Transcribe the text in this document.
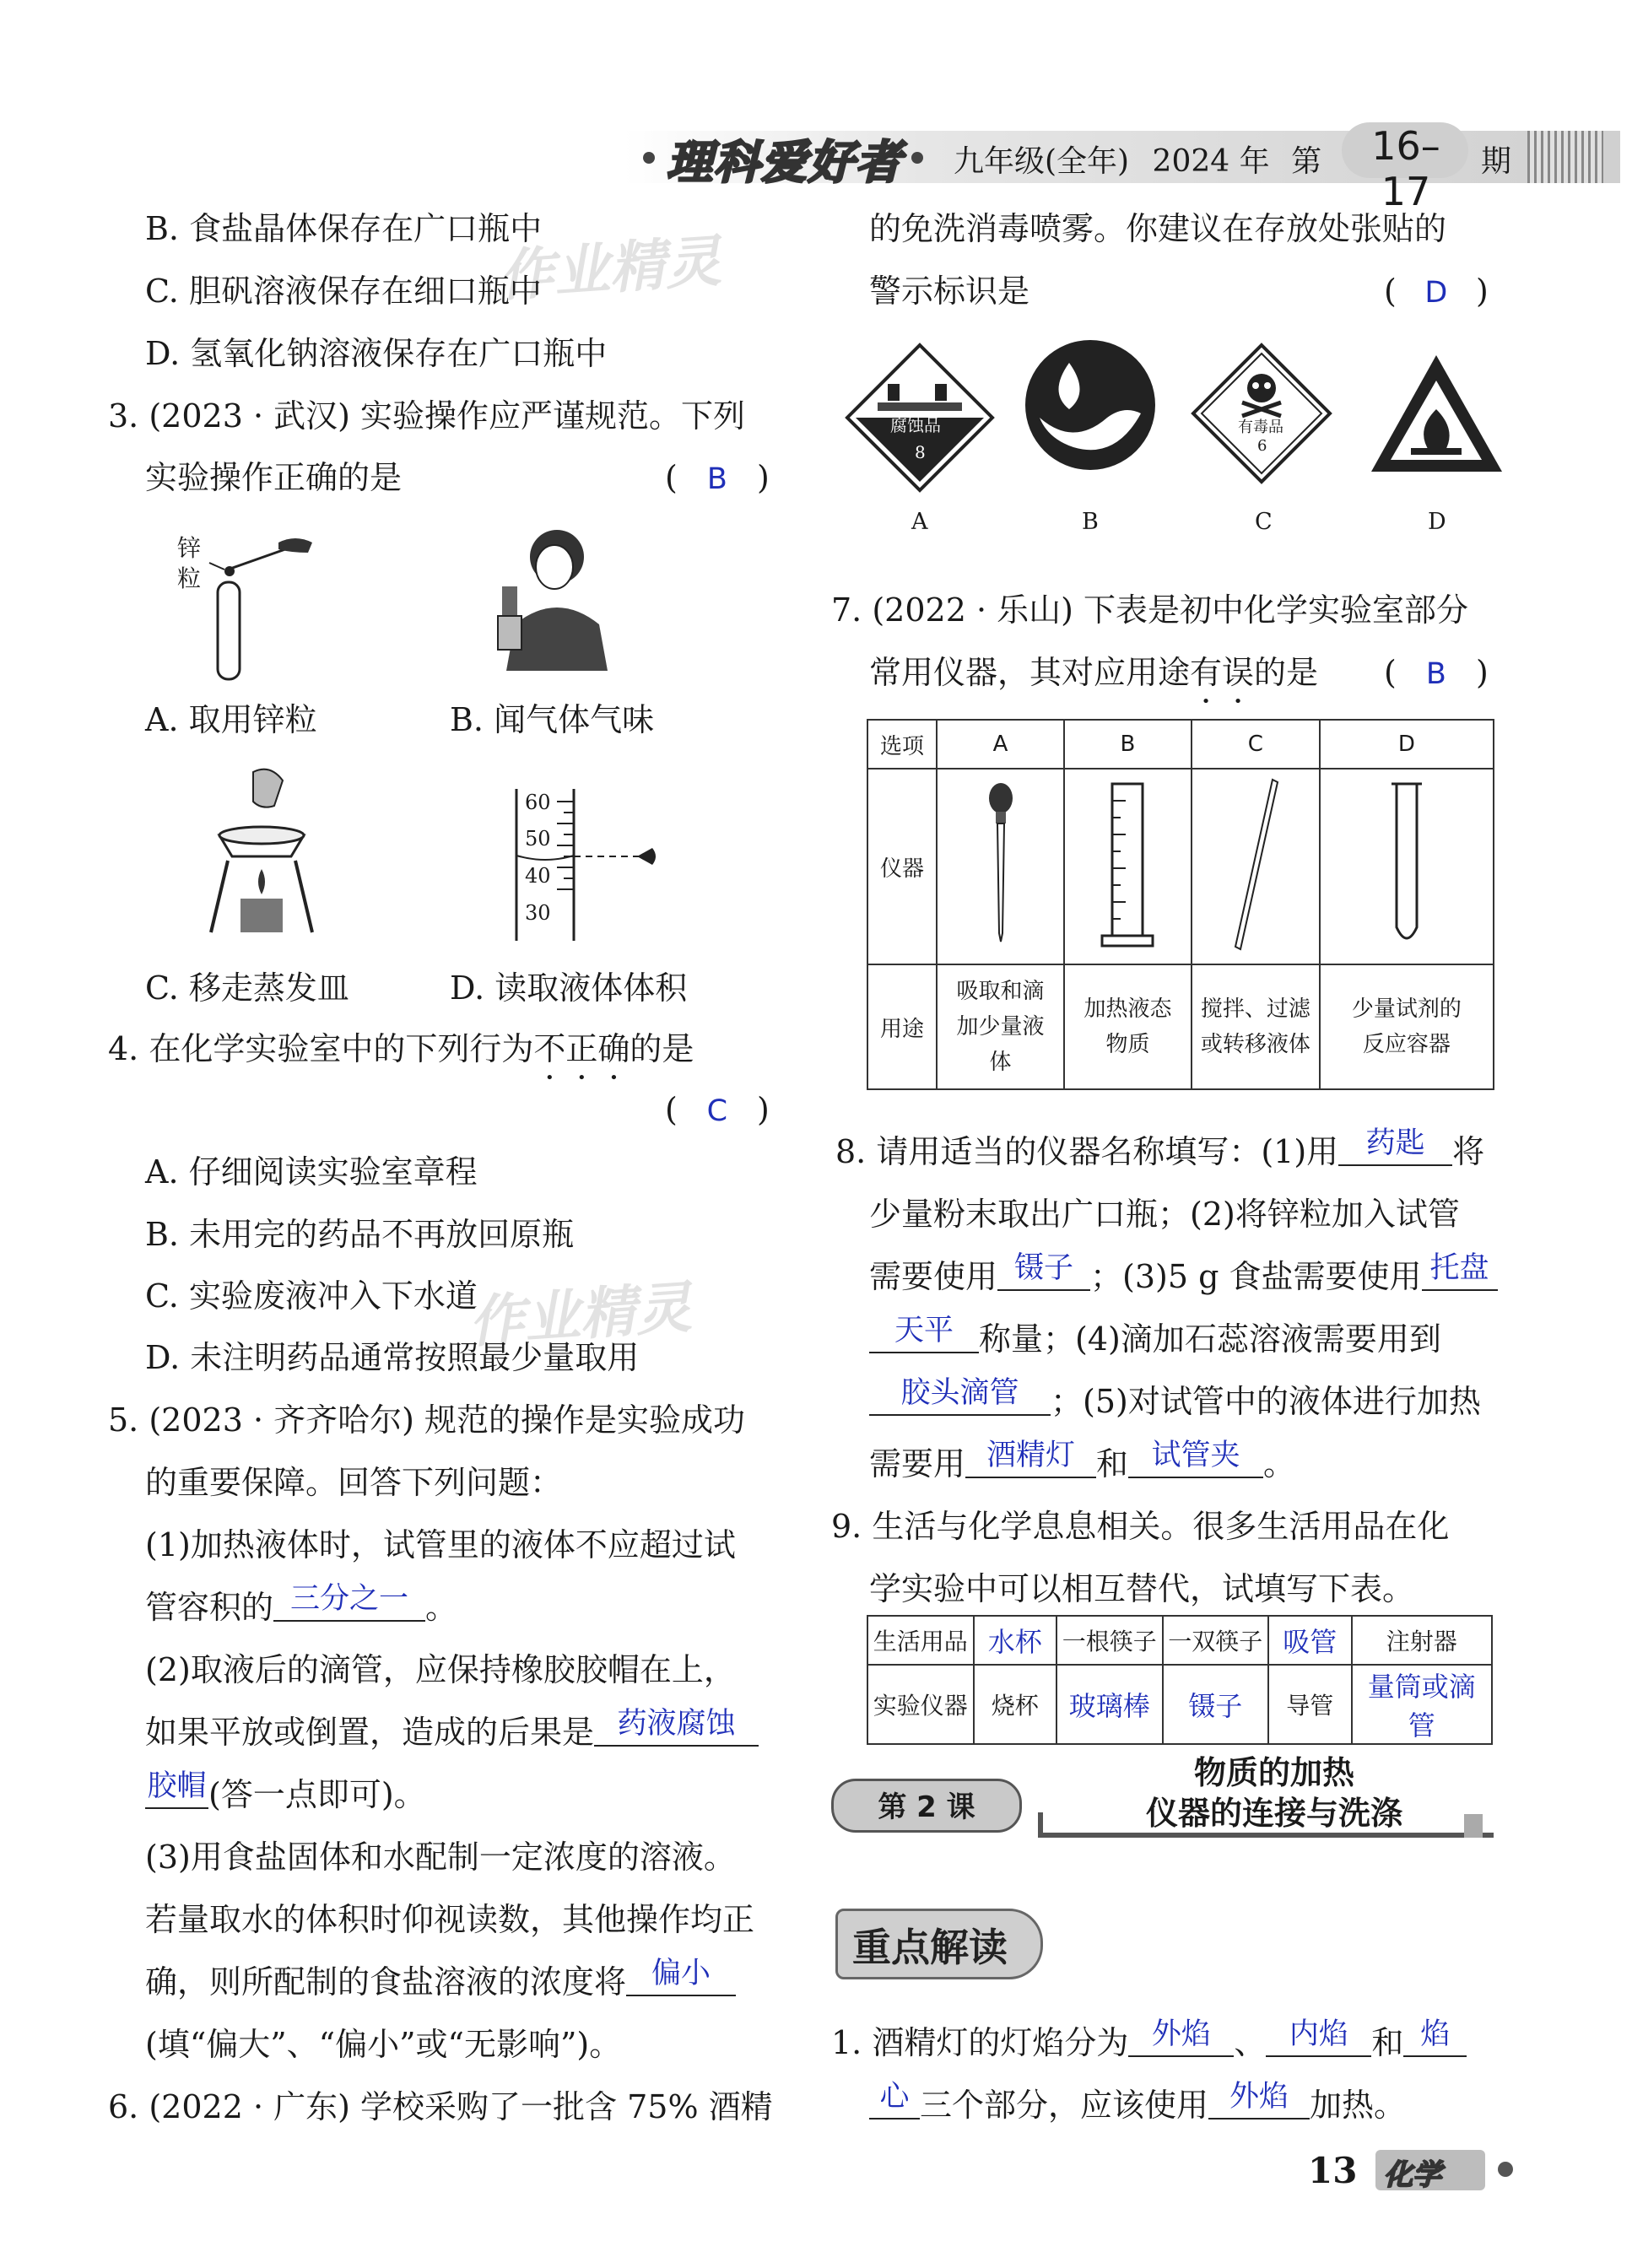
理科爱好者 九年级(全年) 2024 年 第	16–17
期
作业精灵
作业精灵
B. 食盐晶体保存在广口瓶中
C. 胆矾溶液保存在细口瓶中
D. 氢氧化钠溶液保存在广口瓶中
3. (2023 · 武汉) 实验操作应严谨规范。下列
实验操作正确的是	( B )
锌
粒
A. 取用锌粒	B. 闻气体气味
60
50
40
30
C. 移走蒸发皿	D. 读取液体体积
4. 在化学实验室中的下列行为不正确的是
( C )
A. 仔细阅读实验室章程
B. 未用完的药品不再放回原瓶
C. 实验废液冲入下水道
D. 未注明药品通常按照最少量取用
5. (2023 · 齐齐哈尔) 规范的操作是实验成功
的重要保障。回答下列问题：
(1)加热液体时，试管里的液体不应超过试
管容积的 三分之一 。
(2)取液后的滴管，应保持橡胶胶帽在上，
如果平放或倒置，造成的后果是 药液腐蚀
胶帽(答一点即可)。
(3)用食盐固体和水配制一定浓度的溶液。
若量取水的体积时仰视读数，其他操作均正
确，则所配制的食盐溶液的浓度将 偏小
(填“偏大”、“偏小”或“无影响”)。
6. (2022 · 广东) 学校采购了一批含 75% 酒精
的免洗消毒喷雾。你建议在存放处张贴的
警示标识是	( D )
腐蚀品
8
有毒品
6
A	B	C	D
7. (2022 · 乐山) 下表是初中化学实验室部分
常用仪器，其对应用途有误的是 ( B )
选项	A	B	C	D
仪器				
用途	吸取和滴加少量液体	加热液态物质	搅拌、过滤或转移液体	少量试剂的反应容器
8. 请用适当的仪器名称填写：(1)用 药匙 将
少量粉末取出广口瓶；(2)将锌粒加入试管
需要使用 镊子 ；(3)5 g 食盐需要使用 托盘
天平 称量；(4)滴加石蕊溶液需要用到
胶头滴管 ；(5)对试管中的液体进行加热
需要用 酒精灯 和 试管夹 。
9. 生活与化学息息相关。很多生活用品在化
学实验中可以相互替代，试填写下表。
生活用品	水杯	一根筷子	一双筷子	吸管	注射器
实验仪器	烧杯	玻璃棒	镊子	导管	量筒或滴管
第 2 课
物质的加热
仪器的连接与洗涤
重点解读
1. 酒精灯的灯焰分为 外焰 、 内焰 和 焰
心 三个部分，应该使用 外焰 加热。
13 化学
